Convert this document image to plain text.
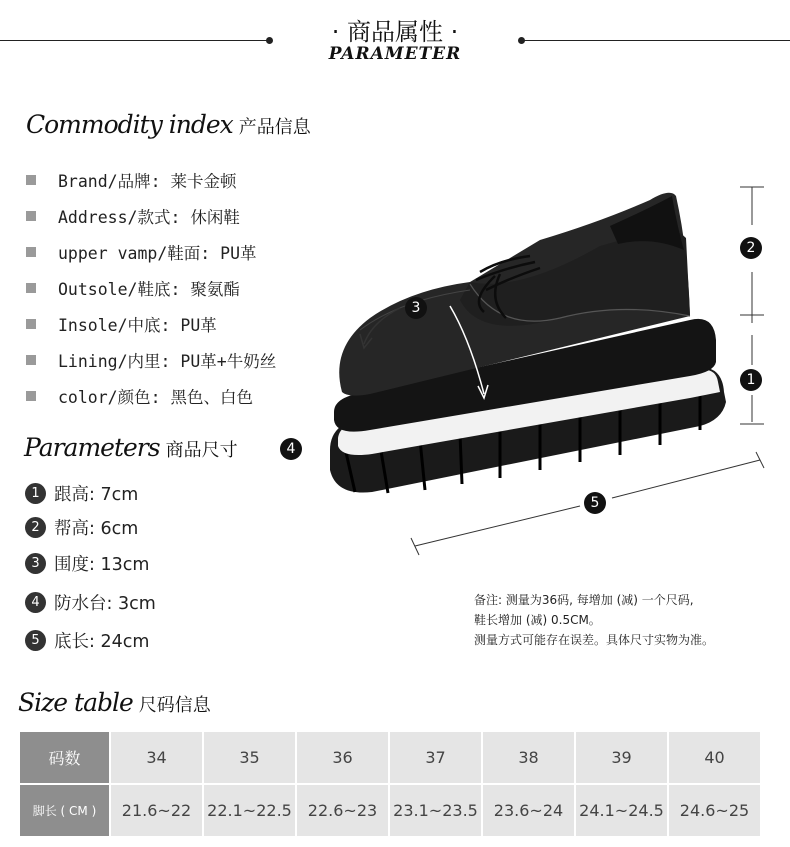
· 商品属性 ·
PARAMETER
Commodity index 产品信息
Brand/品牌: 莱卡金顿
Address/款式: 休闲鞋
upper vamp/鞋面: PU革
Outsole/鞋底: 聚氨酯
Insole/中底: PU革
Lining/内里: PU革+牛奶丝
color/颜色: 黑色、白色
Parameters 商品尺寸
1 跟高: 7cm
2 帮高: 6cm
3 围度: 13cm
4 防水台: 3cm
5 底长: 24cm
1
2
3
4
5
备注: 测量为36码, 每增加 (减) 一个尺码,
鞋长增加 (减) 0.5CM。
测量方式可能存在误差。具体尺寸实物为准。
Size table 尺码信息
码数	34	35	36	37	38	39	40
脚长 ( CM )	21.6~22	22.1~22.5	22.6~23	23.1~23.5	23.6~24	24.1~24.5	24.6~25
